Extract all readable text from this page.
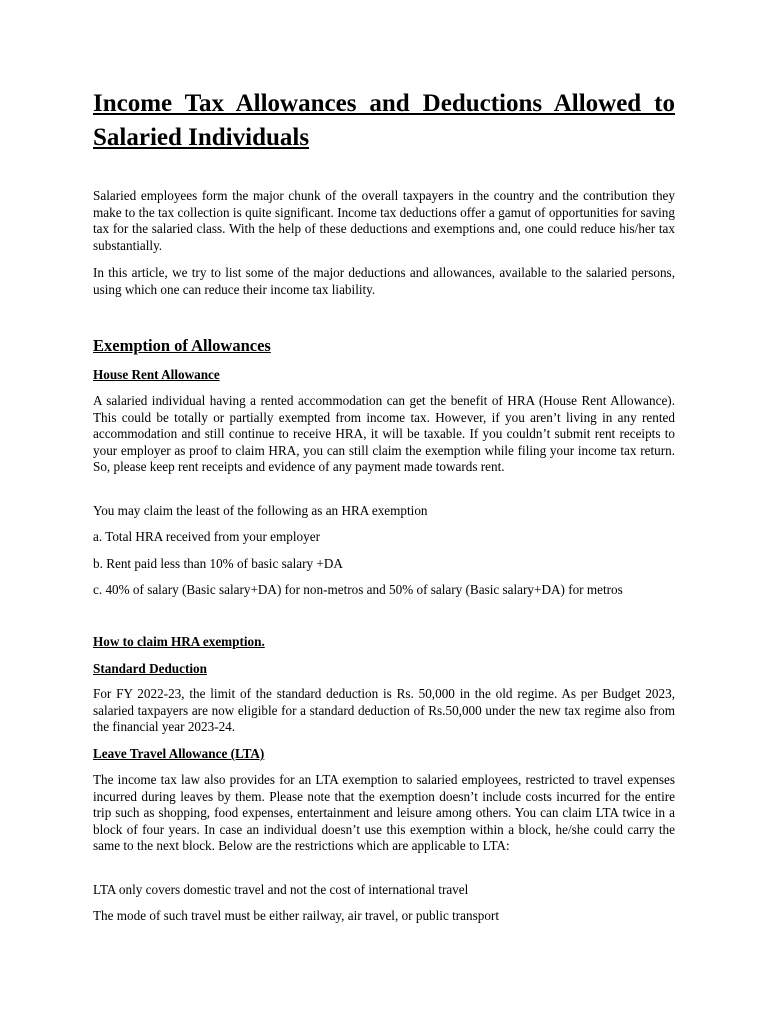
Income Tax Allowances and Deductions Allowed to Salaried Individuals

Salaried employees form the major chunk of the overall taxpayers in the country and the contribution they make to the tax collection is quite significant. Income tax deductions offer a gamut of opportunities for saving tax for the salaried class. With the help of these deductions and exemptions and, one could reduce his/her tax substantially.

In this article, we try to list some of the major deductions and allowances, available to the salaried persons, using which one can reduce their income tax liability.

Exemption of Allowances
House Rent Allowance

A salaried individual having a rented accommodation can get the benefit of HRA (House Rent Allowance). This could be totally or partially exempted from income tax. However, if you aren’t living in any rented accommodation and still continue to receive HRA, it will be taxable. If you couldn’t submit rent receipts to your employer as proof to claim HRA, you can still claim the exemption while filing your income tax return. So, please keep rent receipts and evidence of any payment made towards rent.

You may claim the least of the following as an HRA exemption

a. Total HRA received from your employer

b. Rent paid less than 10% of basic salary +DA

c. 40% of salary (Basic salary+DA) for non-metros and 50% of salary (Basic salary+DA) for metros

How to claim HRA exemption.
Standard Deduction

For FY 2022-23, the limit of the standard deduction is Rs. 50,000 in the old regime. As per Budget 2023, salaried taxpayers are now eligible for a standard deduction of Rs.50,000 under the new tax regime also from the financial year 2023-24.

Leave Travel Allowance (LTA)

The income tax law also provides for an LTA exemption to salaried employees, restricted to travel expenses incurred during leaves by them. Please note that the exemption doesn’t include costs incurred for the entire trip such as shopping, food expenses, entertainment and leisure among others. You can claim LTA twice in a block of four years. In case an individual doesn’t use this exemption within a block, he/she could carry the same to the next block. Below are the restrictions which are applicable to LTA:

LTA only covers domestic travel and not the cost of international travel

The mode of such travel must be either railway, air travel, or public transport
